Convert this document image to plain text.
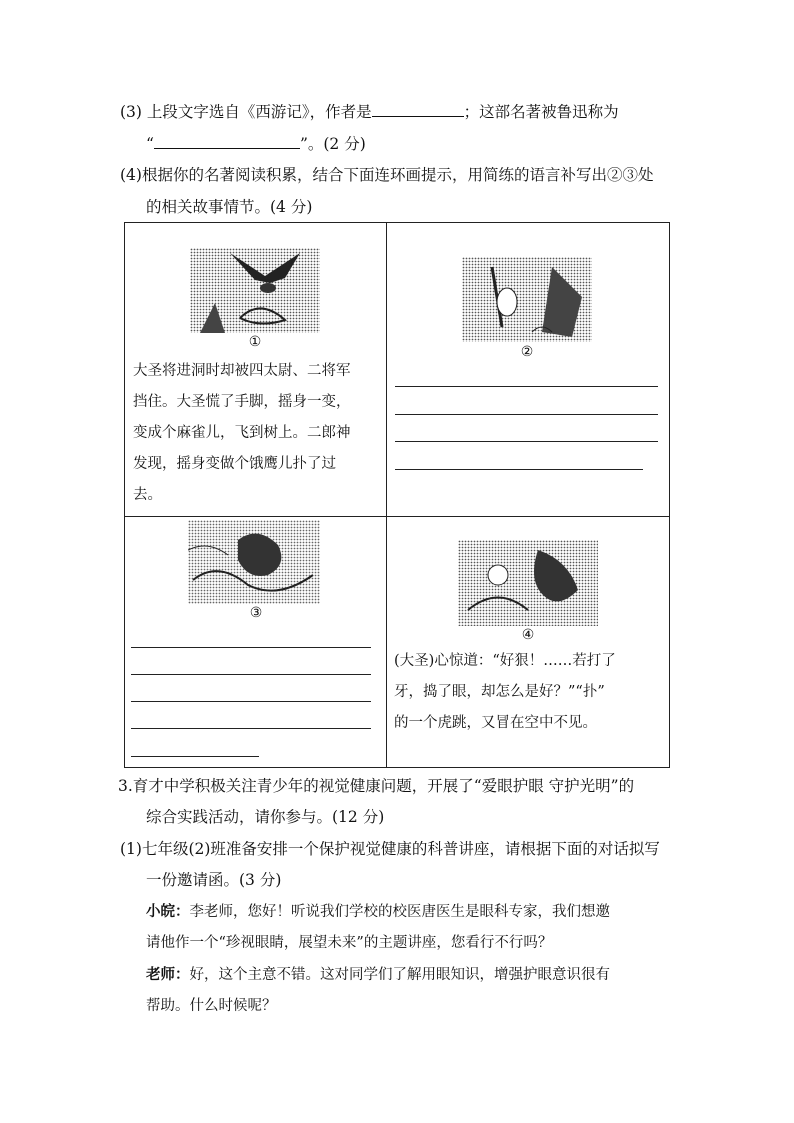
(3) 上段文字选自《西游记》，作者是	；这部名著被鲁迅称为
“	”。(2 分)
(4)根据你的名著阅读积累，结合下面连环画提示，用简练的语言补写出②③处
的相关故事情节。(4 分)
①
大圣将进洞时却被四太尉、二将军
挡住。大圣慌了手脚，摇身一变，
变成个麻雀儿，飞到树上。二郎神
发现，摇身变做个饿鹰儿扑了过
去。
②
③
④
(大圣)心惊道：“好狠！……若打了
牙，捣了眼，却怎么是好？”“扑”
的一个虎跳，又冒在空中不见。
3.育才中学积极关注青少年的视觉健康问题，开展了“爱眼护眼 守护光明”的
综合实践活动，请你参与。(12 分)
(1)七年级(2)班准备安排一个保护视觉健康的科普讲座，请根据下面的对话拟写
一份邀请函。(3 分)
小皖：李老师，您好！听说我们学校的校医唐医生是眼科专家，我们想邀
请他作一个“珍视眼睛，展望未来”的主题讲座，您看行不行吗？
老师：好，这个主意不错。这对同学们了解用眼知识，增强护眼意识很有
帮助。什么时候呢？
